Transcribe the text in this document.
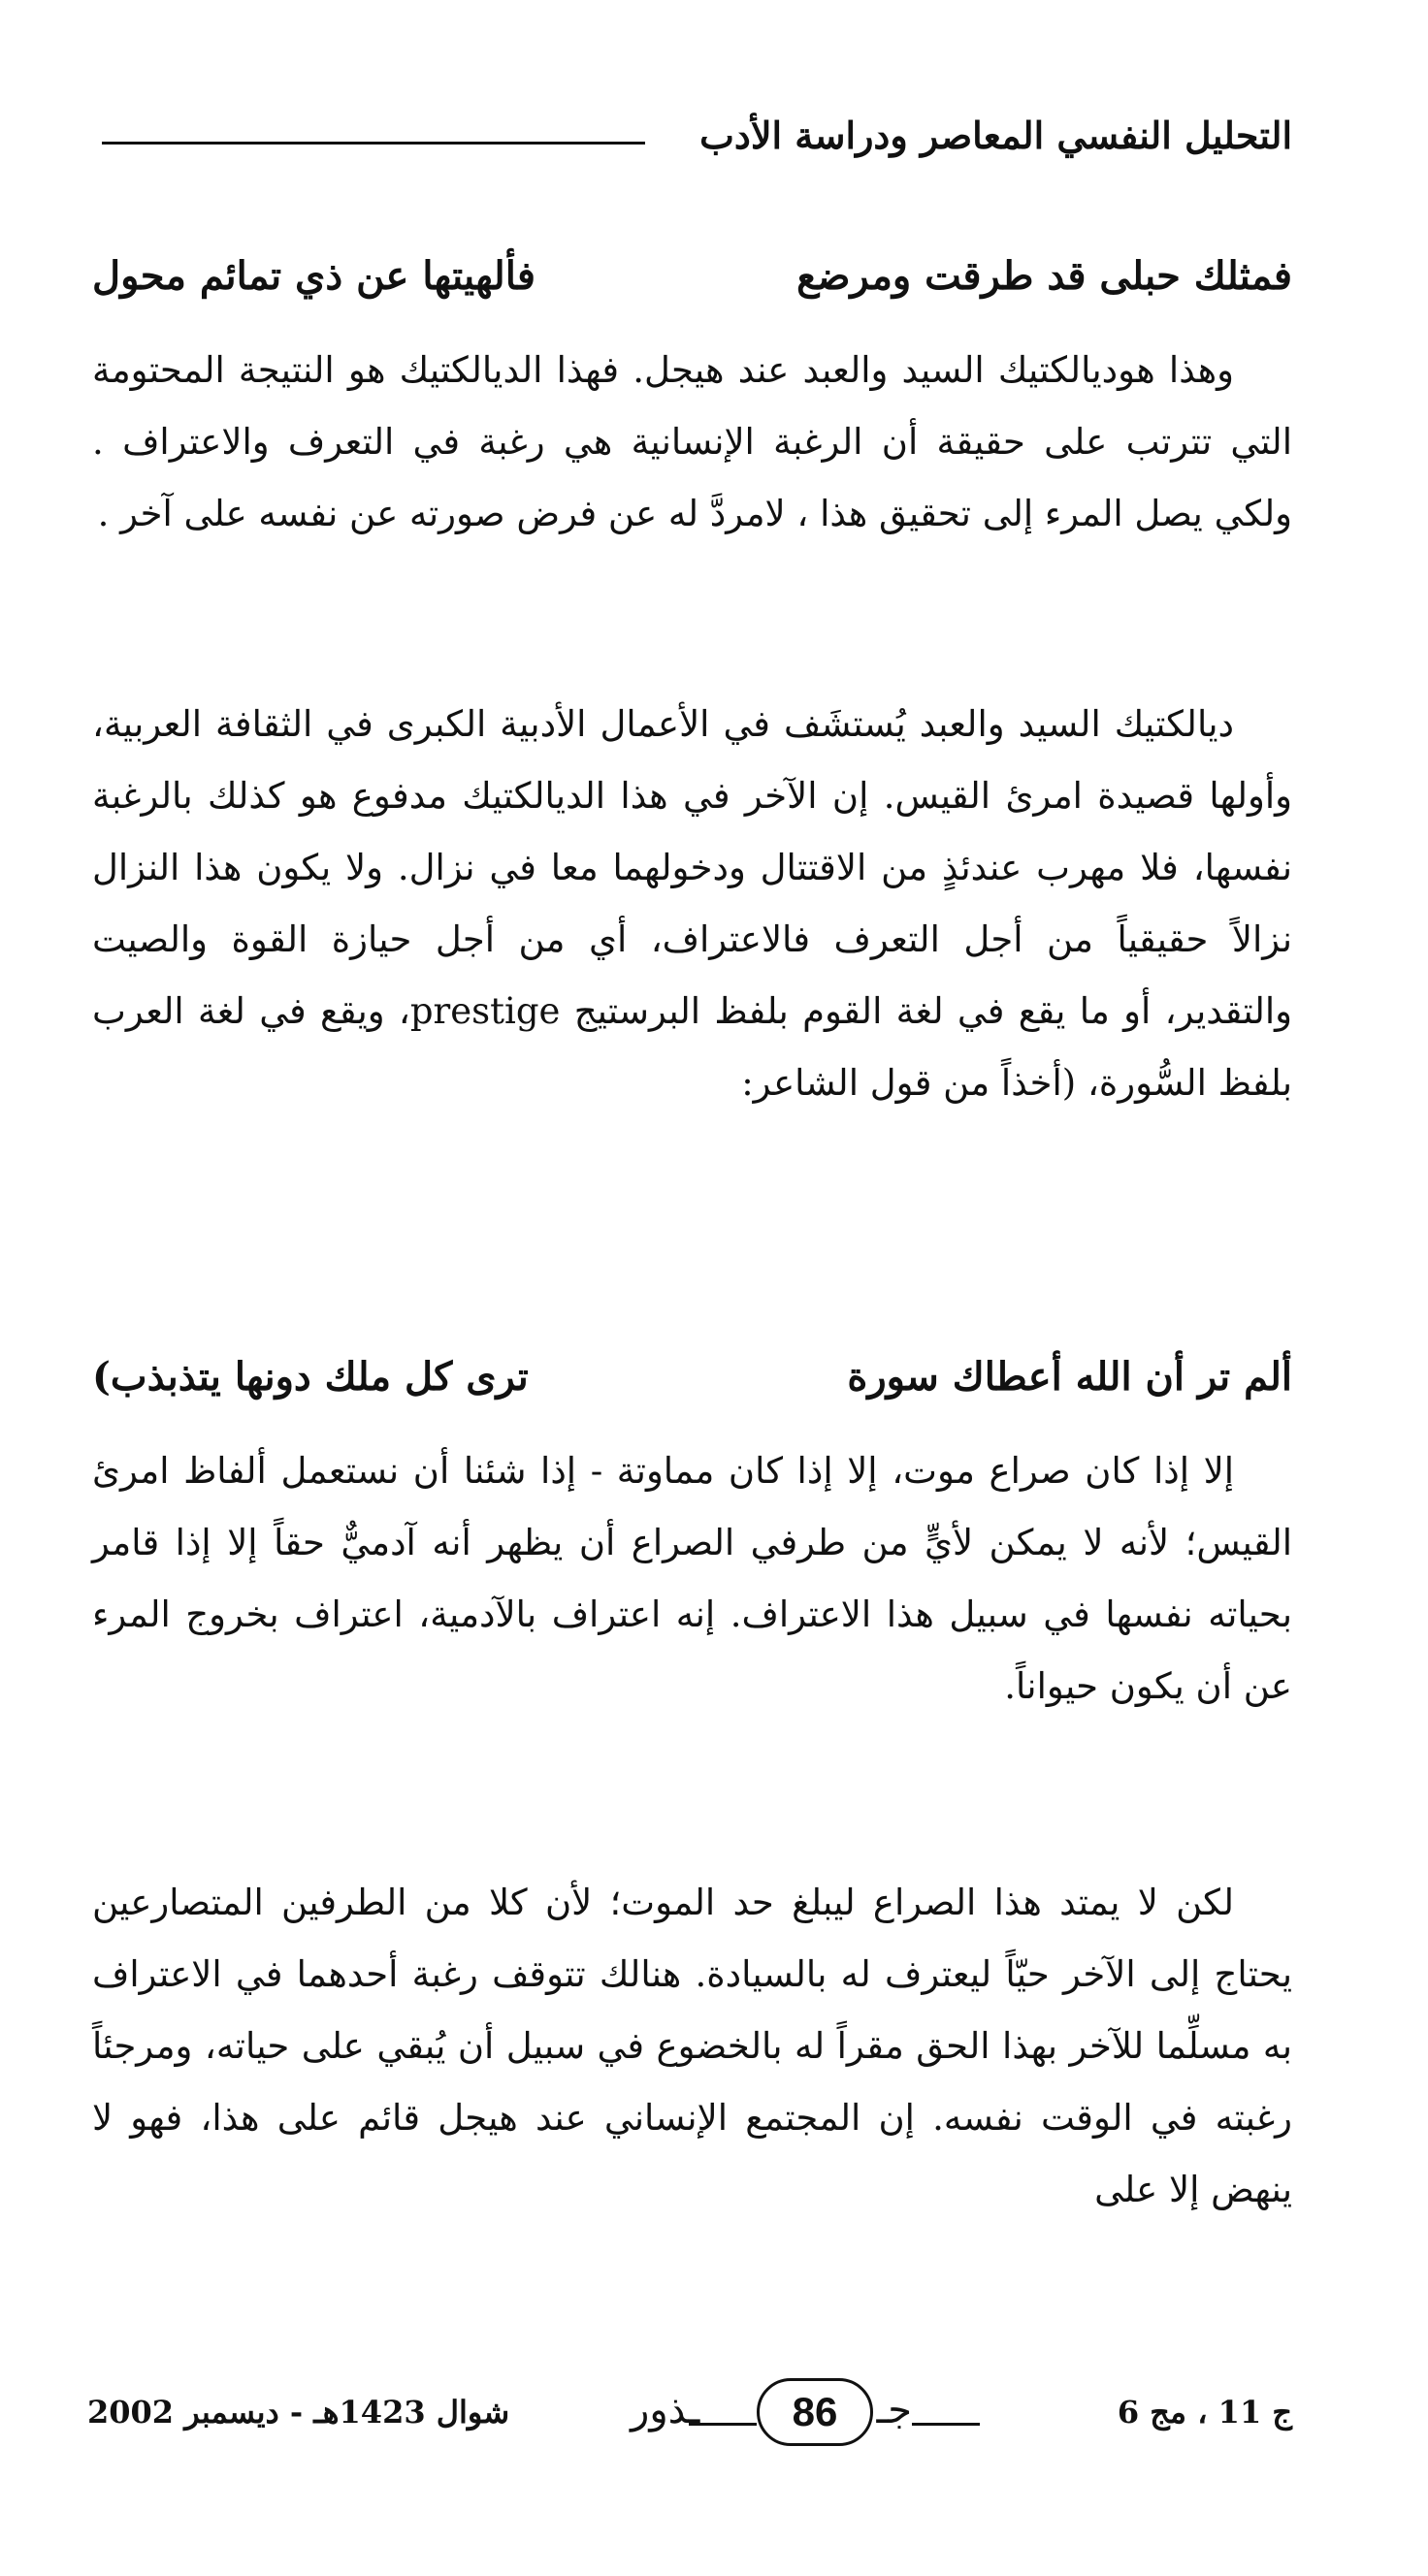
التحليل النفسي المعاصر ودراسة الأدب
فمثلك حبلى قد طرقت ومرضع
فألهيتها عن ذي تمائم محول

وهذا هوديالكتيك السيد والعبد عند هيجل. فهذا الديالكتيك هو النتيجة المحتومة التي تترتب على حقيقة أن الرغبة الإنسانية هي رغبة في التعرف والاعتراف . ولكي يصل المرء إلى تحقيق هذا ، لامردَّ له عن فرض صورته عن نفسه على آخر .

ديالكتيك السيد والعبد يُستشَف في الأعمال الأدبية الكبرى في الثقافة العربية، وأولها قصيدة امرئ القيس. إن الآخر في هذا الديالكتيك مدفوع هو كذلك بالرغبة نفسها، فلا مهرب عندئذٍ من الاقتتال ودخولهما معا في نزال. ولا يكون هذا النزال نزالاً حقيقياً من أجل التعرف فالاعتراف، أي من أجل حيازة القوة والصيت والتقدير، أو ما يقع في لغة القوم بلفظ البرستيج prestige، ويقع في لغة العرب بلفظ السُّورة، (أخذاً من قول الشاعر:

ألم تر أن الله أعطاك سورة
ترى كل ملك دونها يتذبذب)

إلا إذا كان صراع موت، إلا إذا كان مماوتة - إذا شئنا أن نستعمل ألفاظ امرئ القيس؛ لأنه لا يمكن لأيٍّ من طرفي الصراع أن يظهر أنه آدميٌّ حقاً إلا إذا قامر بحياته نفسها في سبيل هذا الاعتراف. إنه اعتراف بالآدمية، اعتراف بخروج المرء عن أن يكون حيواناً.

لكن لا يمتد هذا الصراع ليبلغ حد الموت؛ لأن كلا من الطرفين المتصارعين يحتاج إلى الآخر حيّاً ليعترف له بالسيادة. هنالك تتوقف رغبة أحدهما في الاعتراف به مسلِّما للآخر بهذا الحق مقراً له بالخضوع في سبيل أن يُبقي على حياته، ومرجئاً رغبته في الوقت نفسه. إن المجتمع الإنساني عند هيجل قائم على هذا، فهو لا ينهض إلا على

ج 11 ، مج 6
جـ
86
ـذور
شوال 1423هـ - ديسمبر 2002
